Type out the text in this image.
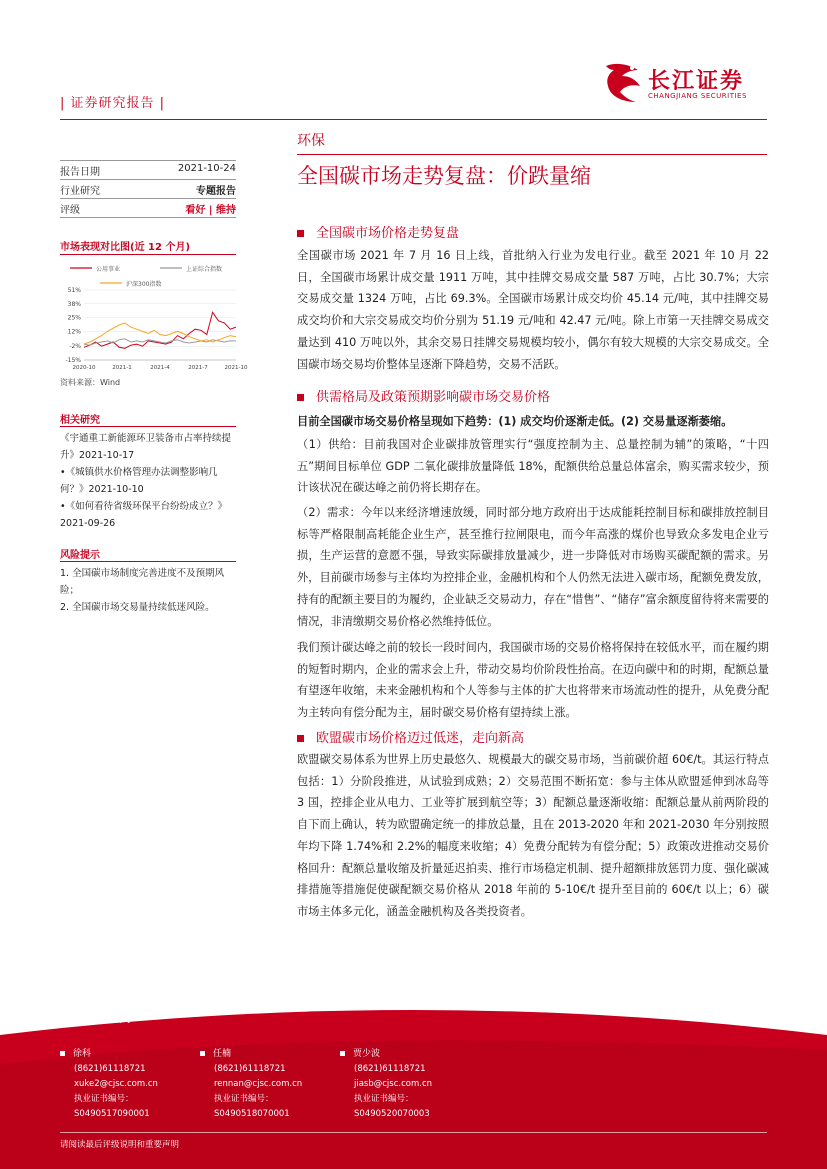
| 证券研究报告 |
长江证券
CHANGJIANG SECURITIES
环保
全国碳市场走势复盘：价跌量缩
报告日期	2021-10-24
行业研究	专题报告
评级	看好 | 维持
市场表现对比图(近 12 个月)
公用事业	上证综合指数
沪深300指数
51%
38%
25%
12%
-2%
-15%
2020-10	2021-1	2021-4	2021-7	2021-10
资料来源：Wind
相关研究
《宇通重工新能源环卫装备市占率持续提升》2021-10-17
•《城镇供水价格管理办法调整影响几何？》2021-10-10
•《如何看待省级环保平台纷纷成立？》2021-09-26
风险提示
1. 全国碳市场制度完善进度不及预期风险；
2. 全国碳市场交易量持续低迷风险。
全国碳市场价格走势复盘
全国碳市场 2021 年 7 月 16 日上线，首批纳入行业为发电行业。截至 2021 年 10 月 22 日，全国碳市场累计成交量 1911 万吨，其中挂牌交易成交量 587 万吨，占比 30.7%；大宗交易成交量 1324 万吨，占比 69.3%。全国碳市场累计成交均价 45.14 元/吨，其中挂牌交易成交均价和大宗交易成交均价分别为 51.19 元/吨和 42.47 元/吨。除上市第一天挂牌交易成交量达到 410 万吨以外，其余交易日挂牌交易规模均较小，偶尔有较大规模的大宗交易成交。全国碳市场交易均价整体呈逐渐下降趋势，交易不活跃。
供需格局及政策预期影响碳市场交易价格
目前全国碳市场交易价格呈现如下趋势：(1) 成交均价逐渐走低。(2) 交易量逐渐萎缩。
（1）供给：目前我国对企业碳排放管理实行“强度控制为主、总量控制为辅”的策略，“十四五”期间目标单位 GDP 二氧化碳排放量降低 18%，配额供给总量总体富余，购买需求较少，预计该状况在碳达峰之前仍将长期存在。
（2）需求：今年以来经济增速放缓，同时部分地方政府出于达成能耗控制目标和碳排放控制目标等严格限制高耗能企业生产，甚至推行拉闸限电，而今年高涨的煤价也导致众多发电企业亏损，生产运营的意愿不强，导致实际碳排放量减少，进一步降低对市场购买碳配额的需求。另外，目前碳市场参与主体均为控排企业，金融机构和个人仍然无法进入碳市场，配额免费发放，持有的配额主要目的为履约，企业缺乏交易动力，存在“惜售”、“储存”富余额度留待将来需要的情况，非清缴期交易价格必然维持低位。
我们预计碳达峰之前的较长一段时间内，我国碳市场的交易价格将保持在较低水平，而在履约期的短暂时期内，企业的需求会上升，带动交易均价阶段性抬高。在迈向碳中和的时期，配额总量有望逐年收缩，未来金融机构和个人等参与主体的扩大也将带来市场流动性的提升，从免费分配为主转向有偿分配为主，届时碳交易价格有望持续上涨。
欧盟碳市场价格迈过低迷，走向新高
欧盟碳交易体系为世界上历史最悠久、规模最大的碳交易市场，当前碳价超 60€/t。其运行特点包括：1）分阶段推进，从试验到成熟；2）交易范围不断拓宽：参与主体从欧盟延伸到冰岛等 3 国，控排企业从电力、工业等扩展到航空等；3）配额总量逐渐收缩：配额总量从前两阶段的自下而上确认，转为欧盟确定统一的排放总量，且在 2013-2020 年和 2021-2030 年分别按照年均下降 1.74%和 2.2%的幅度来收缩；4）免费分配转为有偿分配；5）政策改进推动交易价格回升：配额总量收缩及折量延迟拍卖、推行市场稳定机制、提升超额排放惩罚力度、强化碳减排措施等措施促使碳配额交易价格从 2018 年前的 5-10€/t 提升至目前的 60€/t 以上；6）碳市场主体多元化，涵盖金融机构及各类投资者。
分析师及联系人
徐科
(8621)61118721
xuke2@cjsc.com.cn
执业证书编号：
S0490517090001
任楠
(8621)61118721
rennan@cjsc.com.cn
执业证书编号：
S0490518070001
贾少波
(8621)61118721
jiasb@cjsc.com.cn
执业证书编号：
S0490520070003
请阅读最后评级说明和重要声明
